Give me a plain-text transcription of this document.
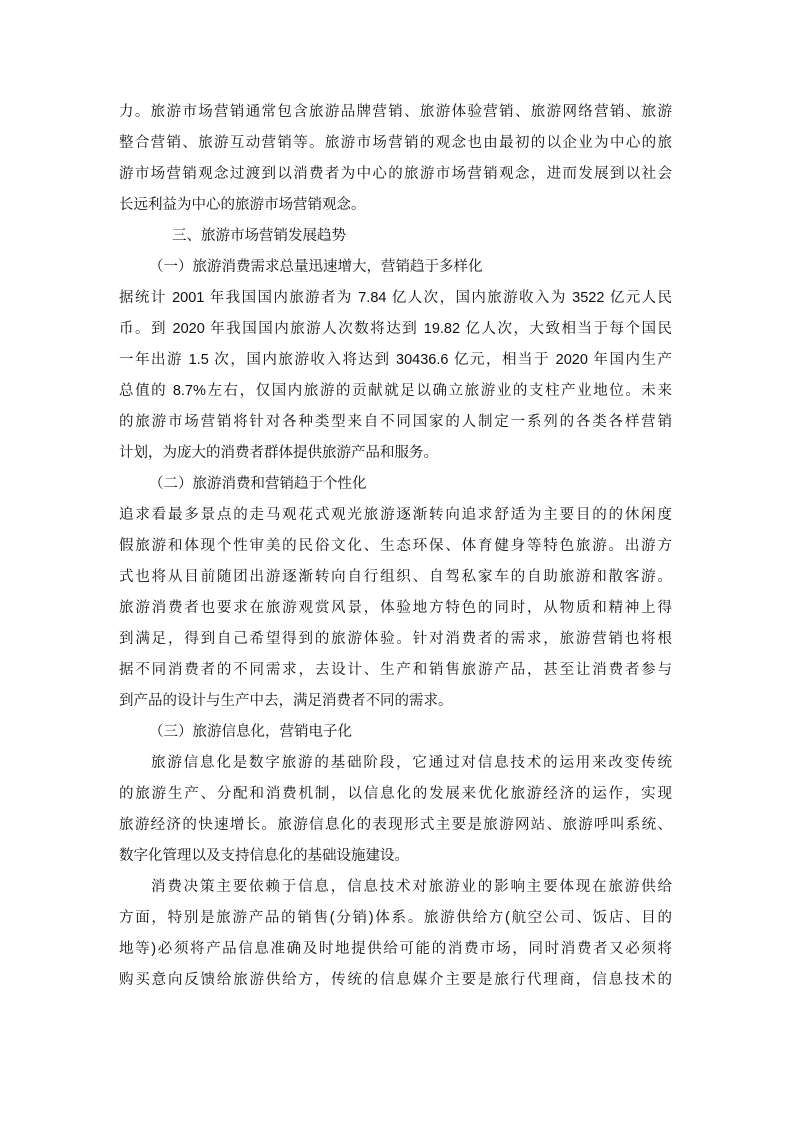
力。旅游市场营销通常包含旅游品牌营销、旅游体验营销、旅游网络营销、旅游
整合营销、旅游互动营销等。旅游市场营销的观念也由最初的以企业为中心的旅
游市场营销观念过渡到以消费者为中心的旅游市场营销观念，进而发展到以社会
长远利益为中心的旅游市场营销观念。
三、旅游市场营销发展趋势
（一）旅游消费需求总量迅速增大，营销趋于多样化
据统计 2001 年我国国内旅游者为 7.84 亿人次，国内旅游收入为 3522 亿元人民
币。到 2020 年我国国内旅游人次数将达到 19.82 亿人次，大致相当于每个国民
一年出游 1.5 次，国内旅游收入将达到 30436.6 亿元，相当于 2020 年国内生产
总值的 8.7%左右，仅国内旅游的贡献就足以确立旅游业的支柱产业地位。未来
的旅游市场营销将针对各种类型来自不同国家的人制定一系列的各类各样营销
计划，为庞大的消费者群体提供旅游产品和服务。
（二）旅游消费和营销趋于个性化
追求看最多景点的走马观花式观光旅游逐渐转向追求舒适为主要目的的休闲度
假旅游和体现个性审美的民俗文化、生态环保、体育健身等特色旅游。出游方
式也将从目前随团出游逐渐转向自行组织、自驾私家车的自助旅游和散客游。
旅游消费者也要求在旅游观赏风景，体验地方特色的同时，从物质和精神上得
到满足，得到自己希望得到的旅游体验。针对消费者的需求，旅游营销也将根
据不同消费者的不同需求，去设计、生产和销售旅游产品，甚至让消费者参与
到产品的设计与生产中去，满足消费者不同的需求。
（三）旅游信息化，营销电子化
旅游信息化是数字旅游的基础阶段，它通过对信息技术的运用来改变传统
的旅游生产、分配和消费机制，以信息化的发展来优化旅游经济的运作，实现
旅游经济的快速增长。旅游信息化的表现形式主要是旅游网站、旅游呼叫系统、
数字化管理以及支持信息化的基础设施建设。
消费决策主要依赖于信息，信息技术对旅游业的影响主要体现在旅游供给
方面，特别是旅游产品的销售(分销)体系。旅游供给方(航空公司、饭店、目的
地等)必须将产品信息准确及时地提供给可能的消费市场，同时消费者又必须将
购买意向反馈给旅游供给方，传统的信息媒介主要是旅行代理商，信息技术的
